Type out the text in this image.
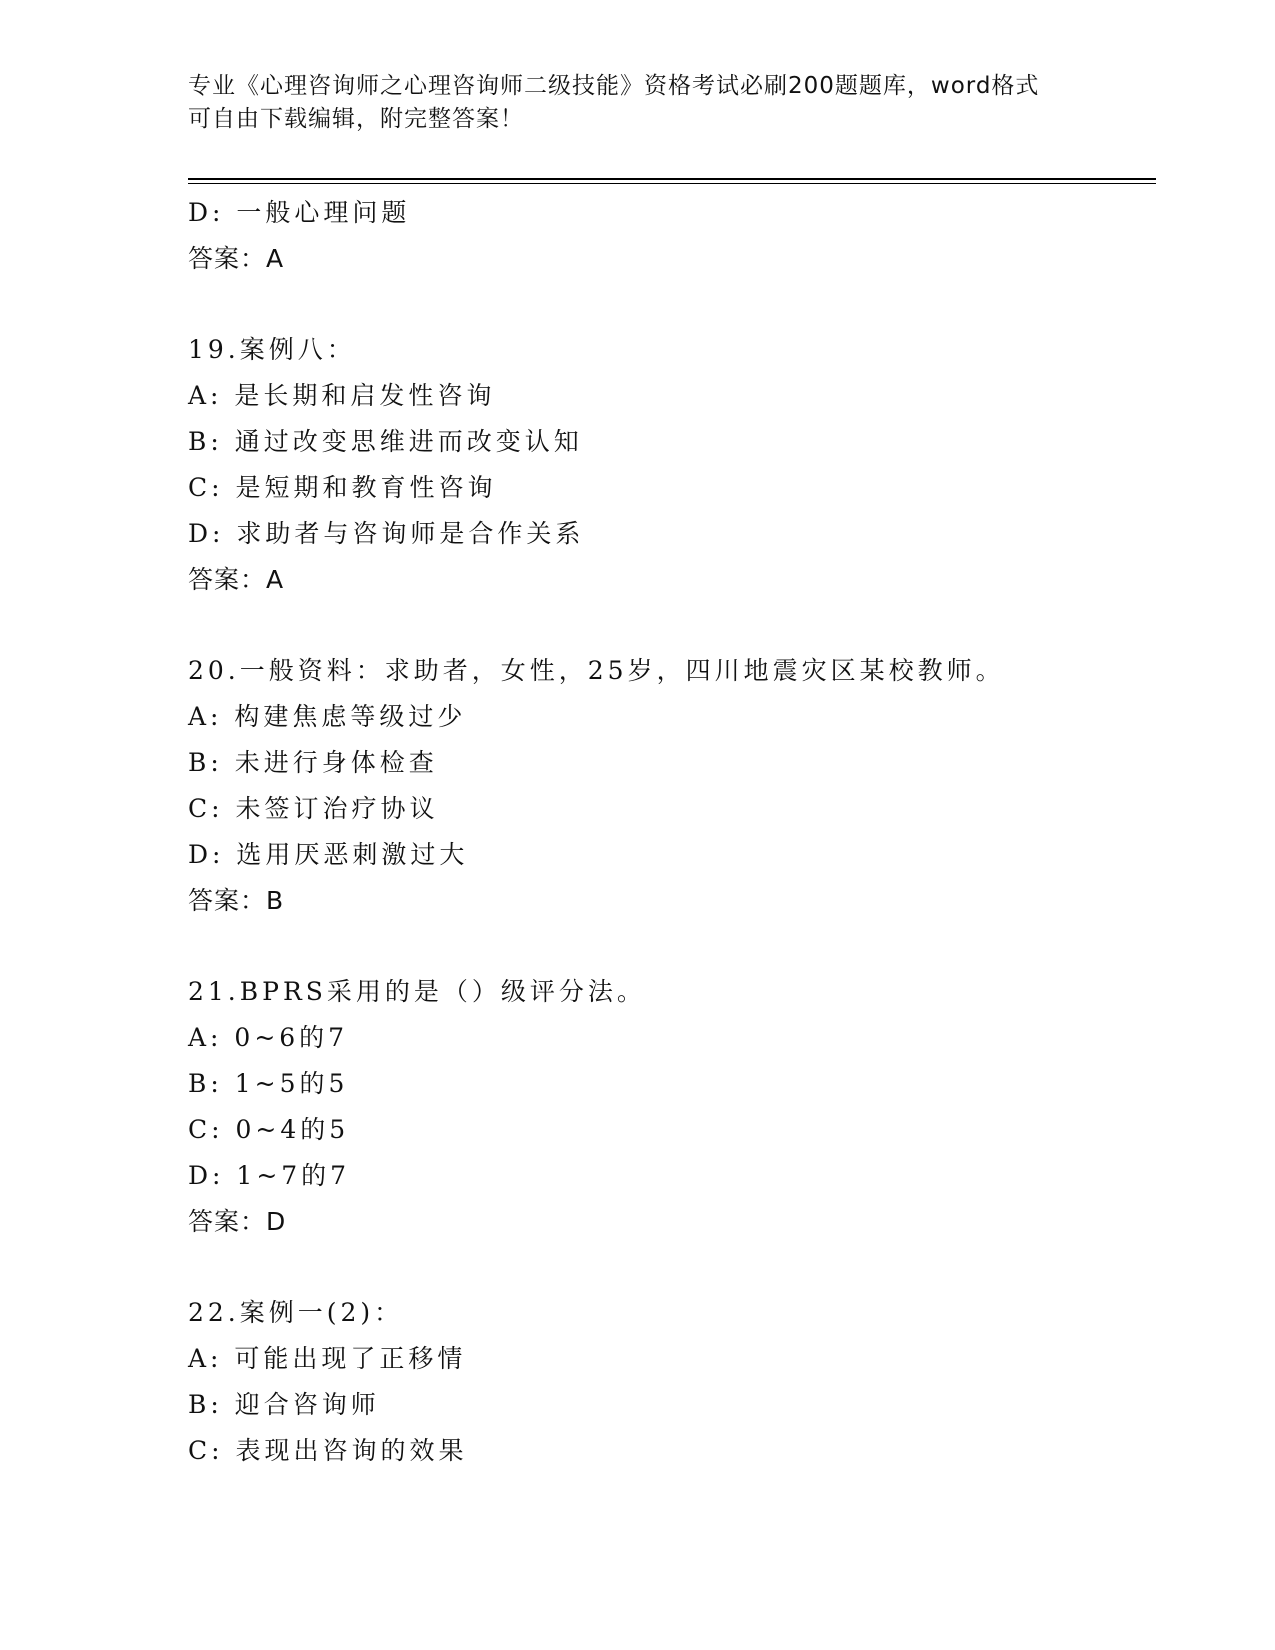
专业《心理咨询师之心理咨询师二级技能》资格考试必刷200题题库，word格式
可自由下载编辑，附完整答案！
D: 一般心理问题
答案：A
19.案例八：
A: 是长期和启发性咨询
B: 通过改变思维进而改变认知
C: 是短期和教育性咨询
D: 求助者与咨询师是合作关系
答案：A
20.一般资料：求助者，女性，25岁，四川地震灾区某校教师。
A: 构建焦虑等级过少
B: 未进行身体检查
C: 未签订治疗协议
D: 选用厌恶刺激过大
答案：B
21.BPRS采用的是（）级评分法。
A: 0~6的7
B: 1~5的5
C: 0~4的5
D: 1~7的7
答案：D
22.案例一(2)：
A: 可能出现了正移情
B: 迎合咨询师
C: 表现出咨询的效果
